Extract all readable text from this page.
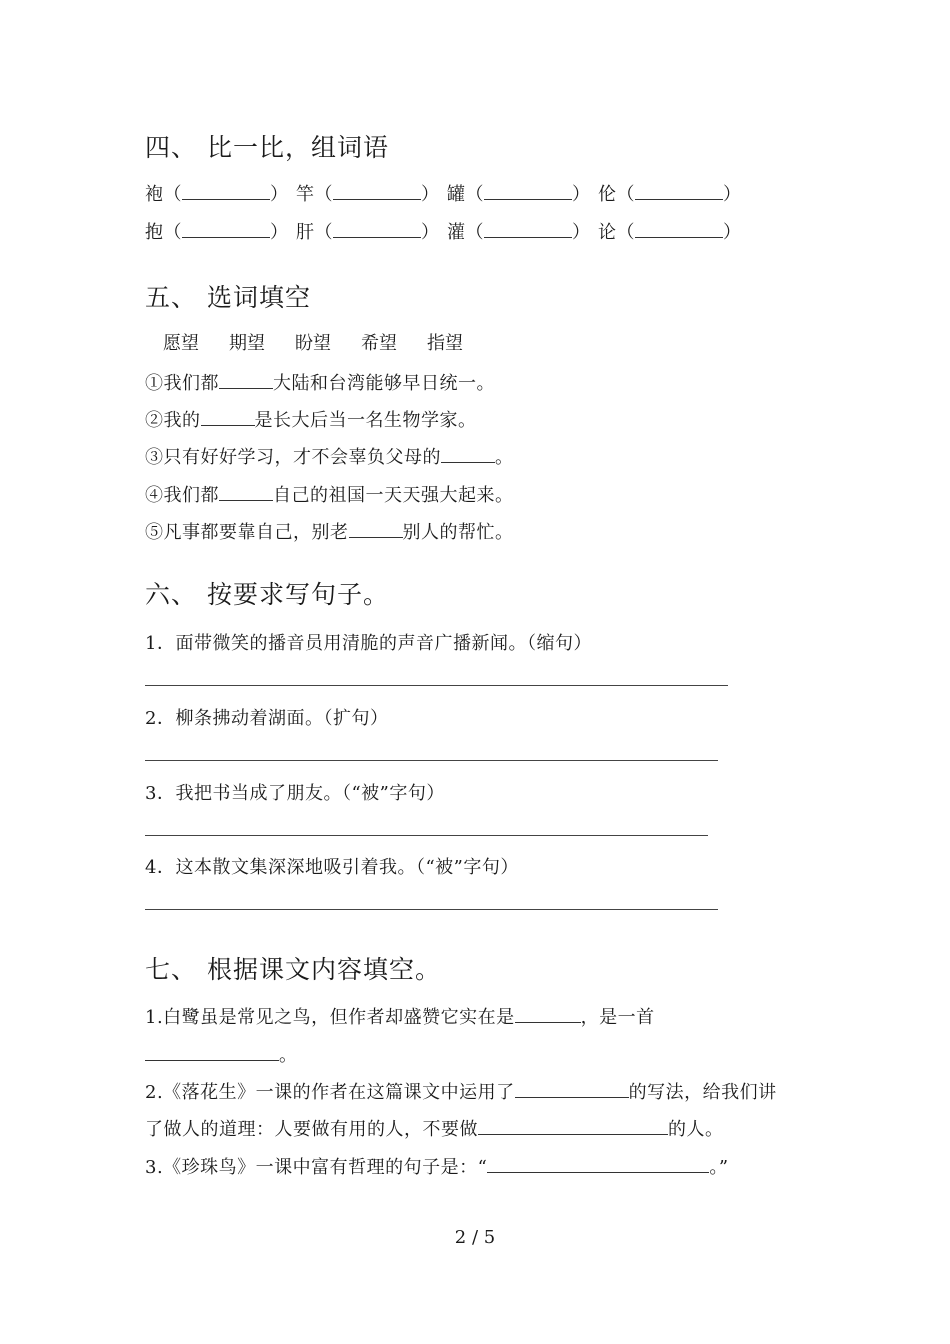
四、 比一比，组词语
袍（	） 竿（	） 罐（	） 伦（	）
抱（	） 肝（	） 灌（	） 论（	）
五、 选词填空
愿望 期望 盼望 希望 指望
①我们都	大陆和台湾能够早日统一。
②我的	是长大后当一名生物学家。
③只有好好学习，才不会辜负父母的	。
④我们都	自己的祖国一天天强大起来。
⑤凡事都要靠自己，别老	别人的帮忙。
六、 按要求写句子。
1．面带微笑的播音员用清脆的声音广播新闻。（缩句）
2．柳条拂动着湖面。（扩句）
3．我把书当成了朋友。（“被”字句）
4．这本散文集深深地吸引着我。（“被”字句）
七、 根据课文内容填空。
1.白鹭虽是常见之鸟，但作者却盛赞它实在是	，是一首
。
2.《落花生》一课的作者在这篇课文中运用了	的写法，给我们讲
了做人的道理：人要做有用的人，不要做	的人。
3.《珍珠鸟》一课中富有哲理的句子是：“	。”
2 / 5
